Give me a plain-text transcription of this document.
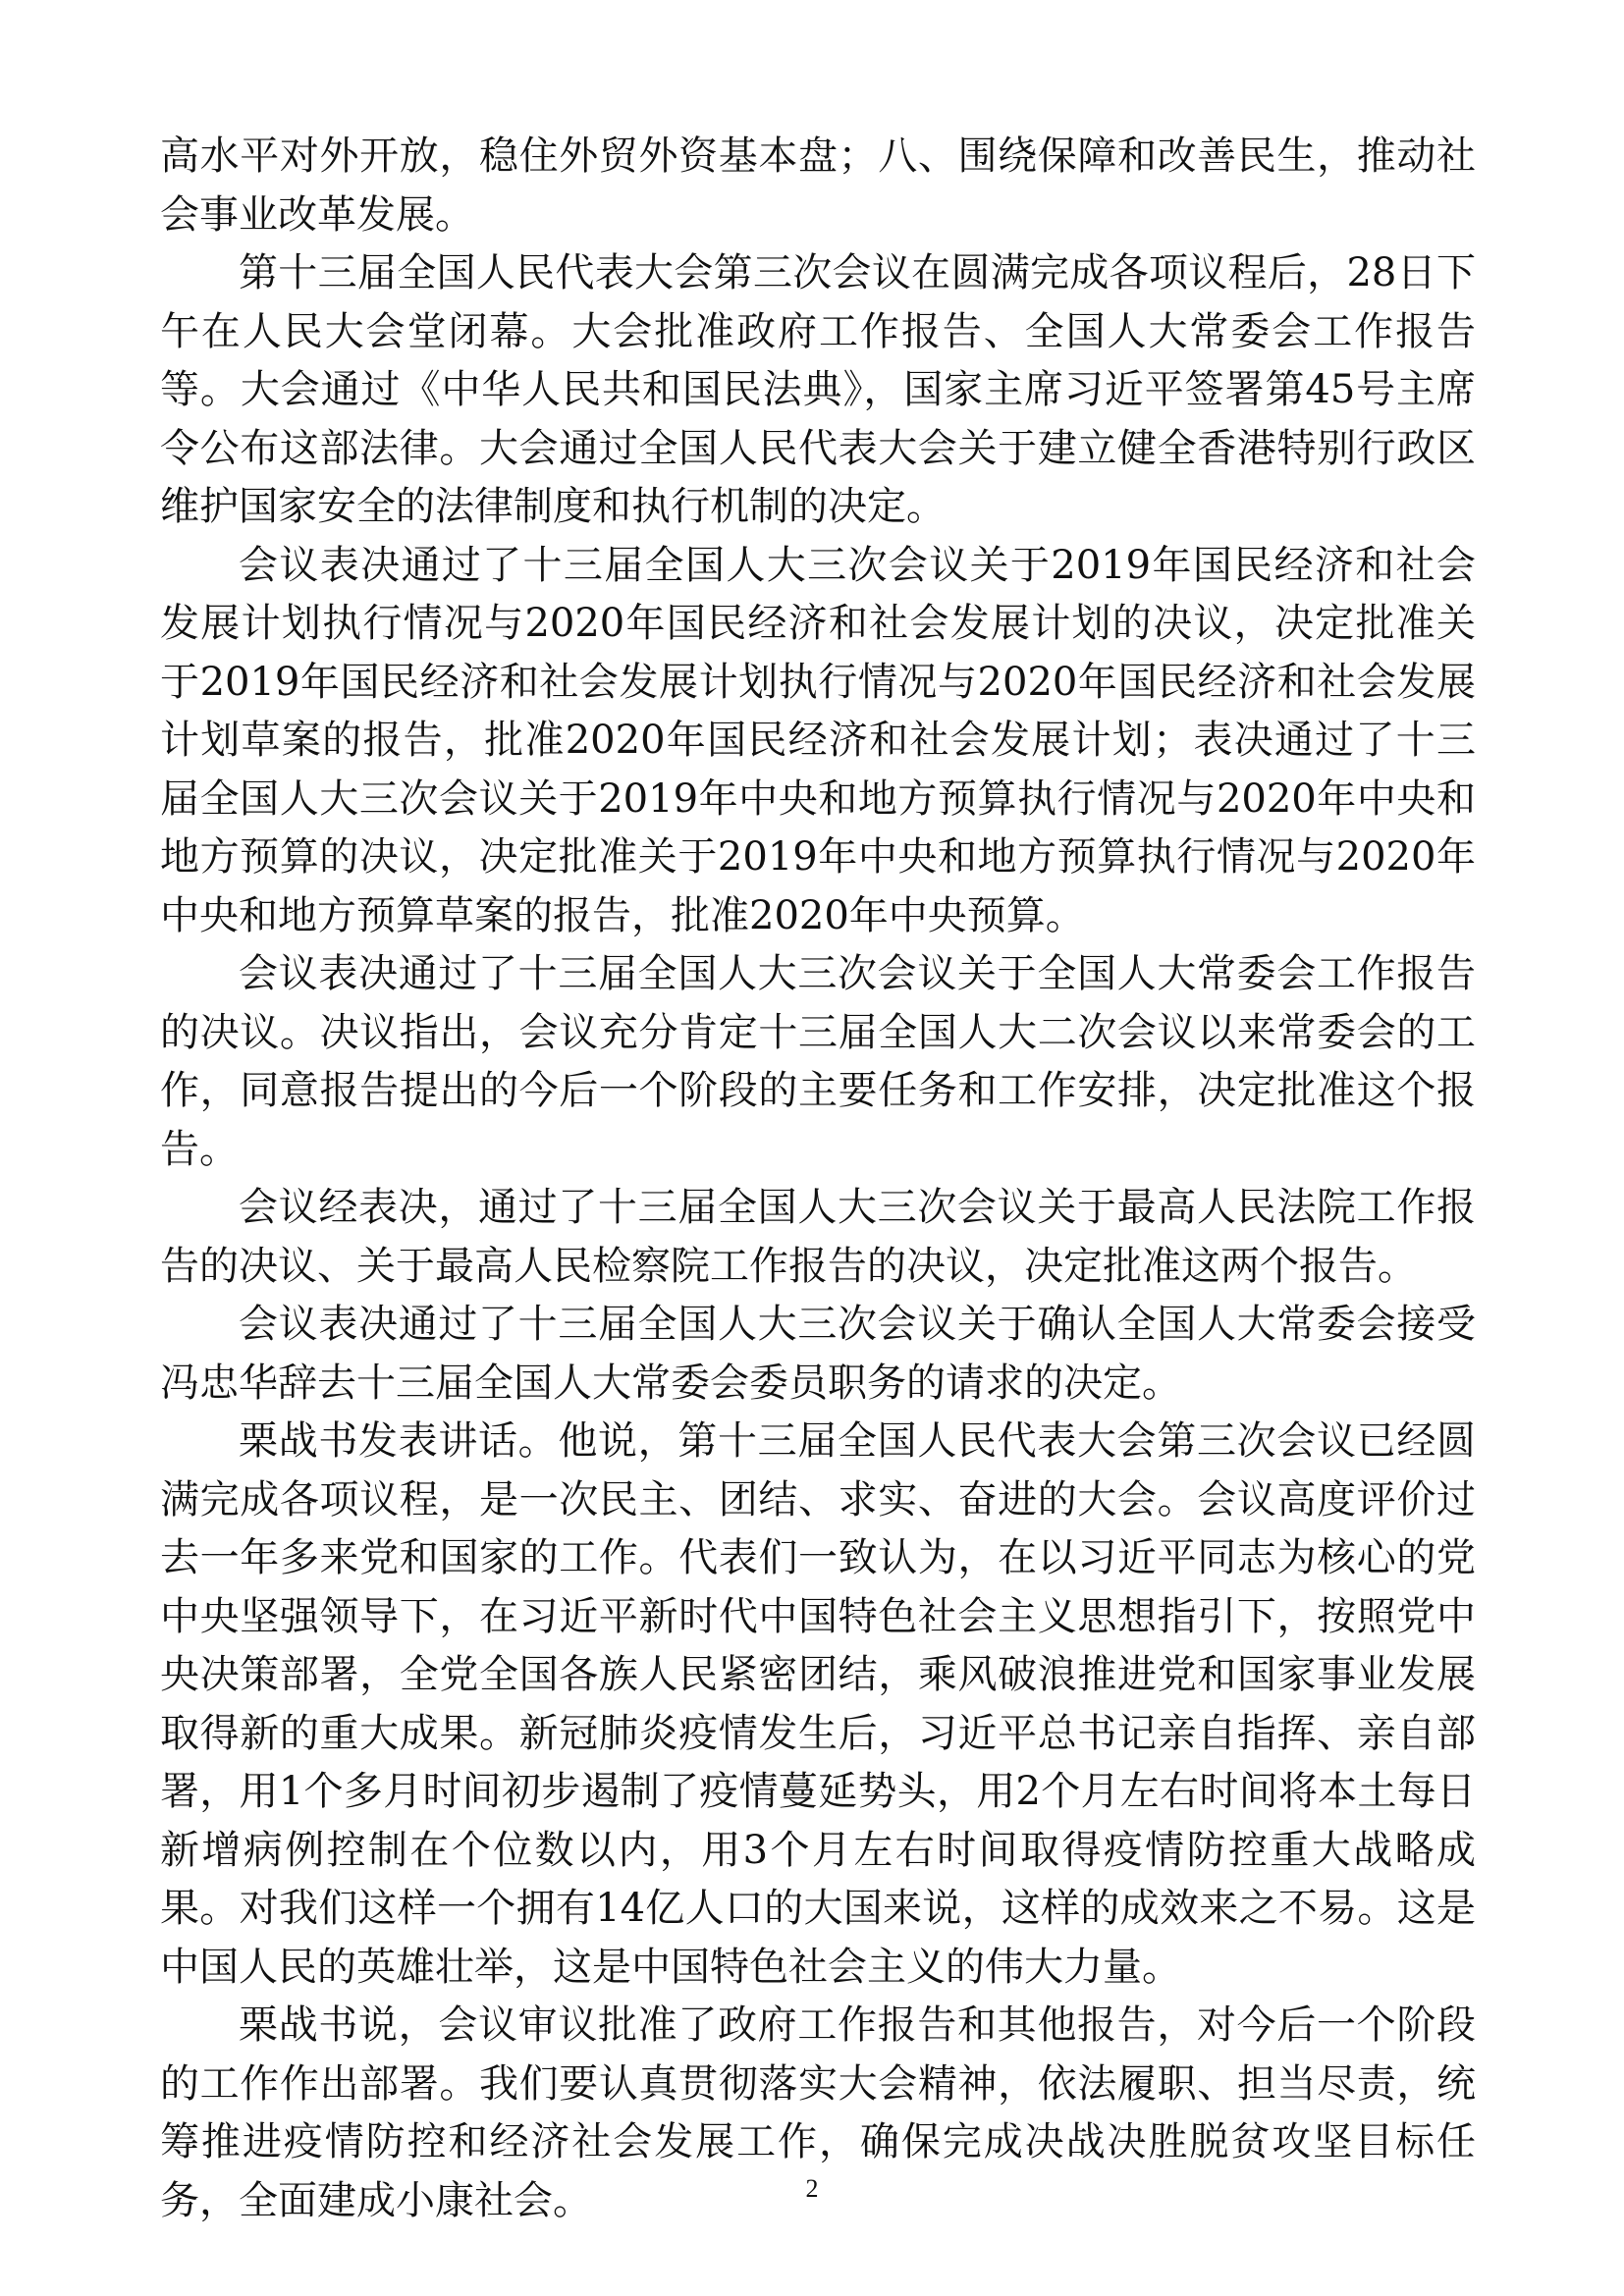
高水平对外开放，稳住外贸外资基本盘；八、围绕保障和改善民生，推动社会事业改革发展。

第十三届全国人民代表大会第三次会议在圆满完成各项议程后，28日下午在人民大会堂闭幕。大会批准政府工作报告、全国人大常委会工作报告等。大会通过《中华人民共和国民法典》，国家主席习近平签署第45号主席令公布这部法律。大会通过全国人民代表大会关于建立健全香港特别行政区维护国家安全的法律制度和执行机制的决定。

会议表决通过了十三届全国人大三次会议关于2019年国民经济和社会发展计划执行情况与2020年国民经济和社会发展计划的决议，决定批准关于2019年国民经济和社会发展计划执行情况与2020年国民经济和社会发展计划草案的报告，批准2020年国民经济和社会发展计划；表决通过了十三届全国人大三次会议关于2019年中央和地方预算执行情况与2020年中央和地方预算的决议，决定批准关于2019年中央和地方预算执行情况与2020年中央和地方预算草案的报告，批准2020年中央预算。

会议表决通过了十三届全国人大三次会议关于全国人大常委会工作报告的决议。决议指出，会议充分肯定十三届全国人大二次会议以来常委会的工作，同意报告提出的今后一个阶段的主要任务和工作安排，决定批准这个报告。

会议经表决，通过了十三届全国人大三次会议关于最高人民法院工作报告的决议、关于最高人民检察院工作报告的决议，决定批准这两个报告。

会议表决通过了十三届全国人大三次会议关于确认全国人大常委会接受冯忠华辞去十三届全国人大常委会委员职务的请求的决定。

栗战书发表讲话。他说，第十三届全国人民代表大会第三次会议已经圆满完成各项议程，是一次民主、团结、求实、奋进的大会。会议高度评价过去一年多来党和国家的工作。代表们一致认为，在以习近平同志为核心的党中央坚强领导下，在习近平新时代中国特色社会主义思想指引下，按照党中央决策部署，全党全国各族人民紧密团结，乘风破浪推进党和国家事业发展取得新的重大成果。新冠肺炎疫情发生后，习近平总书记亲自指挥、亲自部署，用1个多月时间初步遏制了疫情蔓延势头，用2个月左右时间将本土每日新增病例控制在个位数以内，用3个月左右时间取得疫情防控重大战略成果。对我们这样一个拥有14亿人口的大国来说，这样的成效来之不易。这是中国人民的英雄壮举，这是中国特色社会主义的伟大力量。

栗战书说，会议审议批准了政府工作报告和其他报告，对今后一个阶段的工作作出部署。我们要认真贯彻落实大会精神，依法履职、担当尽责，统筹推进疫情防控和经济社会发展工作，确保完成决战决胜脱贫攻坚目标任务，全面建成小康社会。	2
